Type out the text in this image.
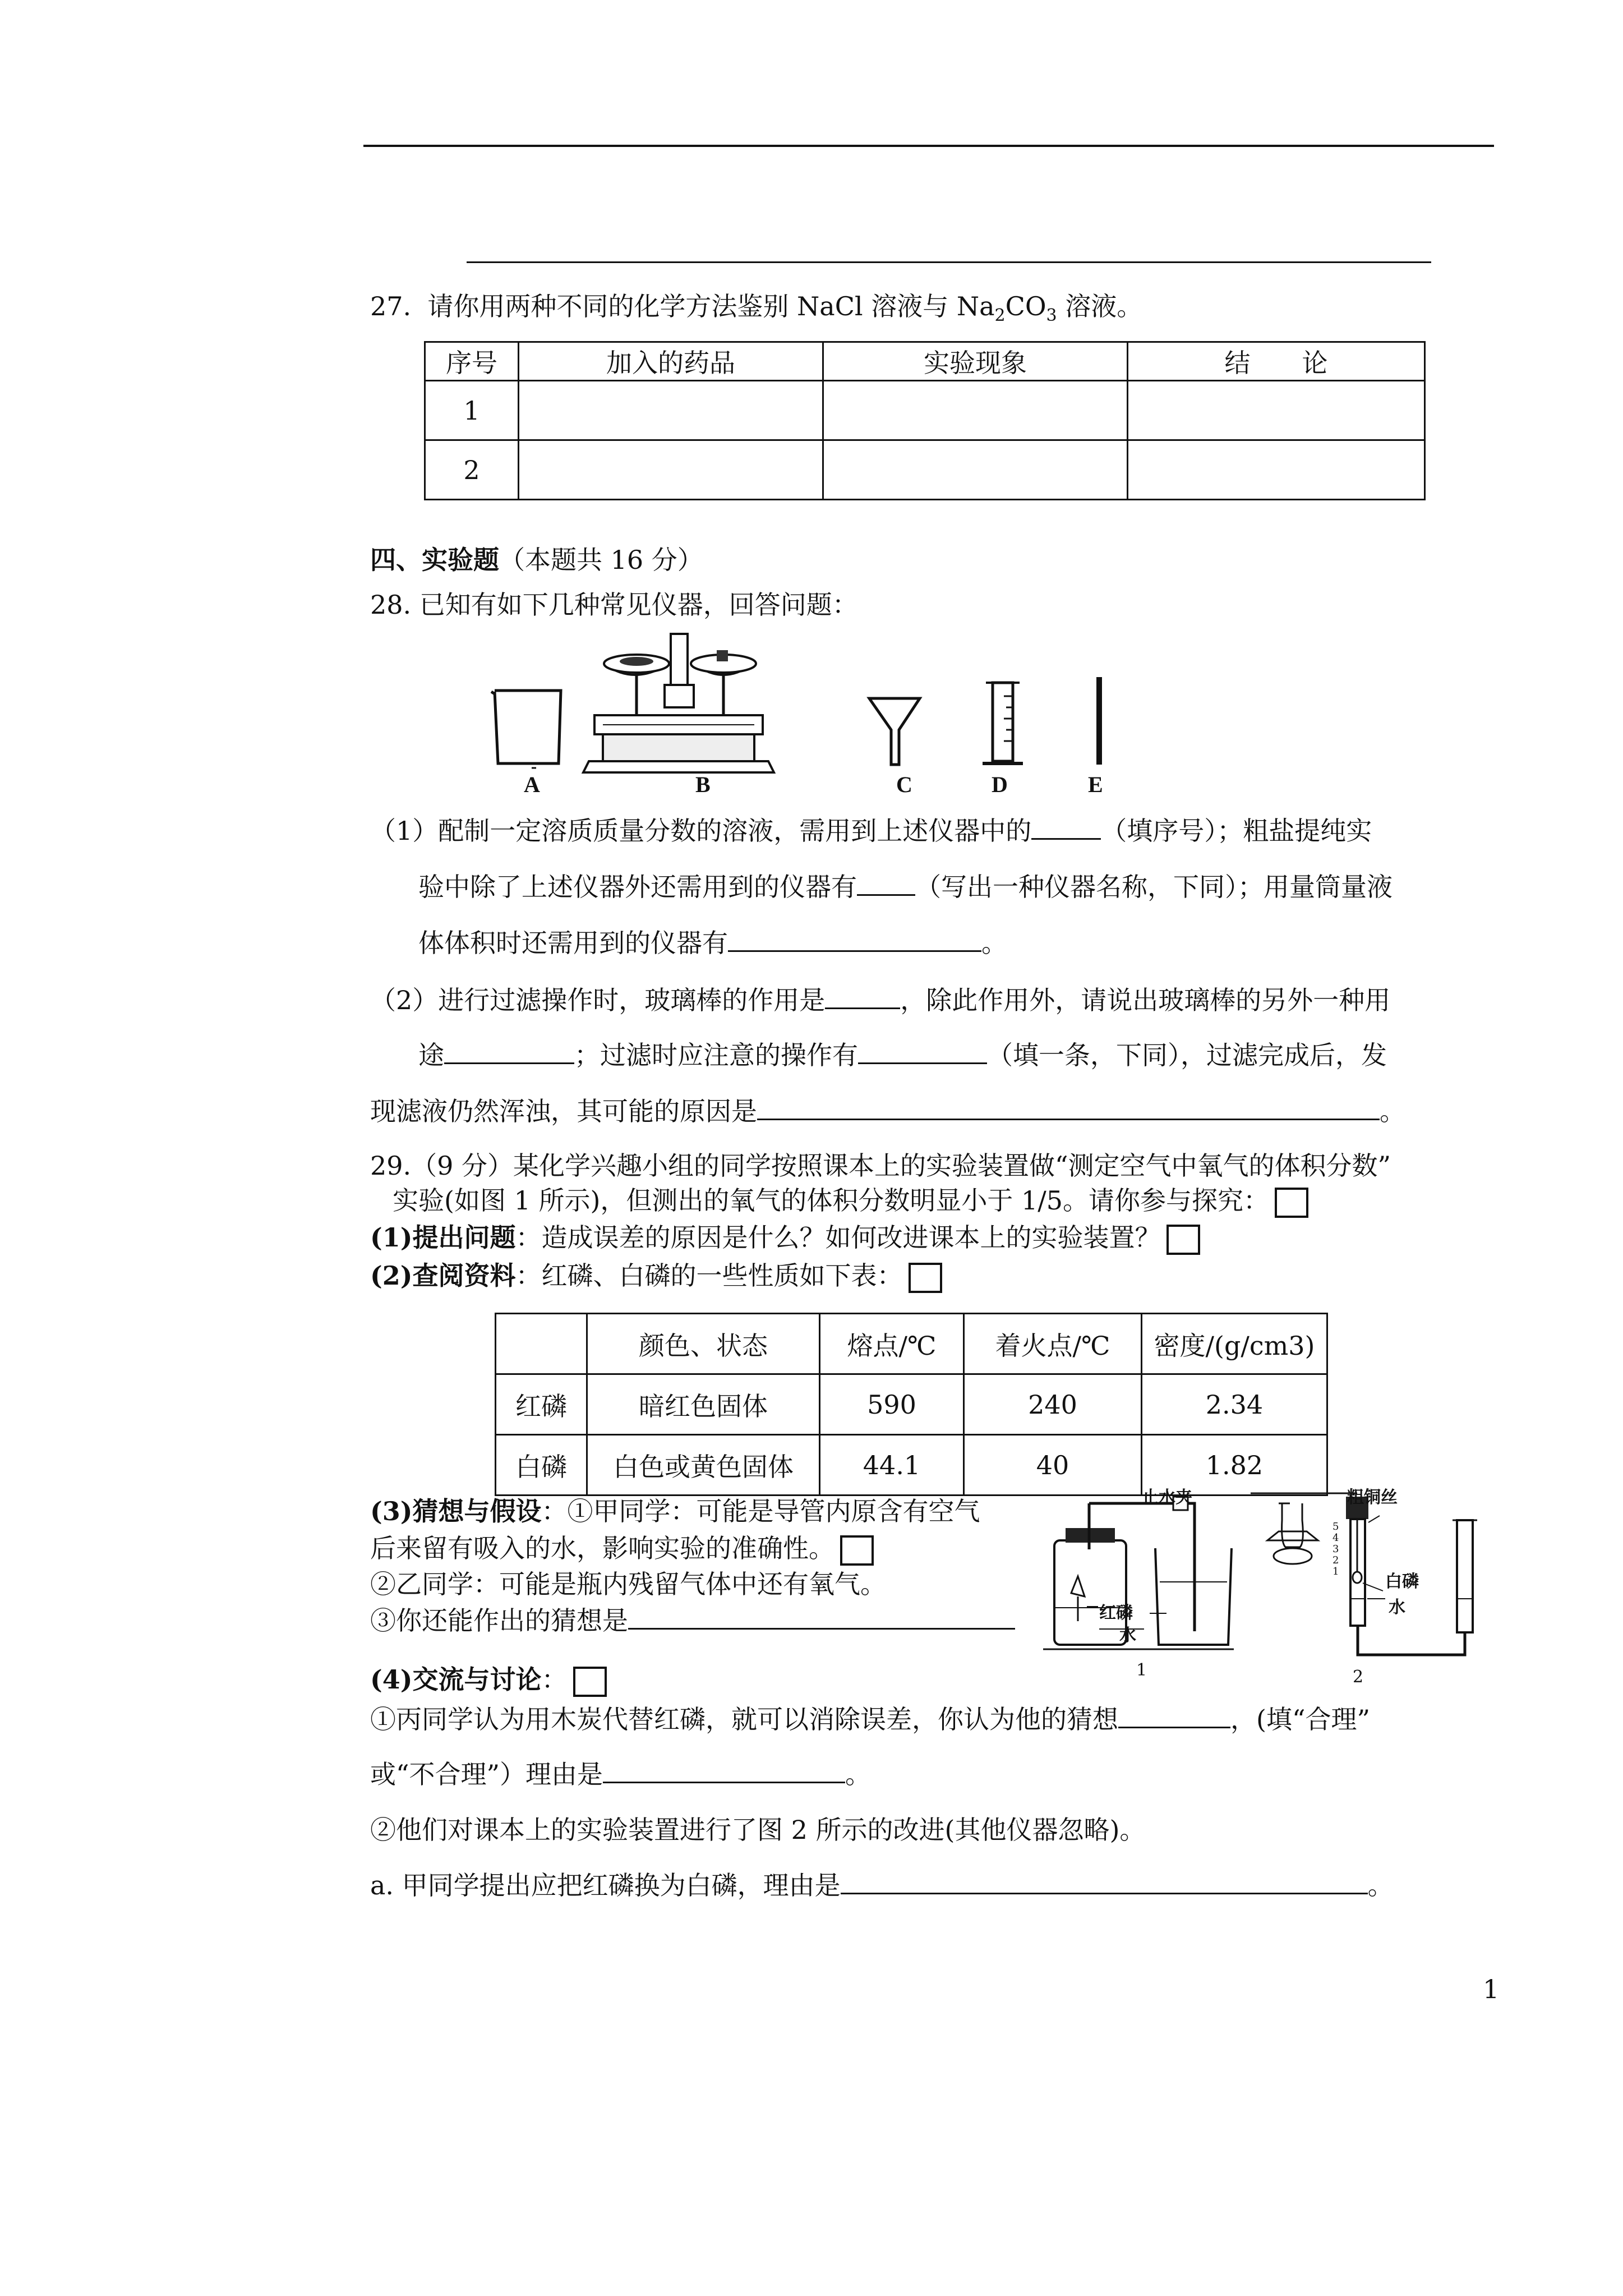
27. 请你用两种不同的化学方法鉴别 NaCl 溶液与 $Na_2CO_3$ 溶液。
序号	加入的药品	实验现象	结　　论
1			
2			
四、实验题（本题共 16 分）
28. 已知有如下几种常见仪器，回答问题：
A	B	C	D	E
（1）配制一定溶质质量分数的溶液，需用到上述仪器中的	（填序号）；粗盐提纯实
验中除了上述仪器外还需用到的仪器有 （写出一种仪器名称，下同）；用量筒量液
体体积时还需用到的仪器有	。
（2）进行过滤操作时，玻璃棒的作用是	，除此作用外，请说出玻璃棒的另外一种用
途	；过滤时应注意的操作有	（填一条，下同），过滤完成后，发
现滤液仍然浑浊，其可能的原因是	。
29.（9 分）某化学兴趣小组的同学按照课本上的实验装置做“测定空气中氧气的体积分数”
实验(如图 1 所示)，但测出的氧气的体积分数明显小于 1/5。请你参与探究：
(1)提出问题：造成误差的原因是什么？如何改进课本上的实验装置？
(2)查阅资料：红磷、白磷的一些性质如下表：
	颜色、状态	熔点/℃	着火点/℃	密度/(g/cm3)
红磷	暗红色固体	590	240	2.34
白磷	白色或黄色固体	44.1	40	1.82
(3)猜想与假设：①甲同学：可能是导管内原含有空气
后来留有吸入的水，影响实验的准确性。
②乙同学：可能是瓶内残留气体中还有氧气。
③你还能作出的猜想是
止水夹
红磷
水
1
粗铜丝
白磷
水
2
5
4
3
2
1
(4)交流与讨论：
①丙同学认为用木炭代替红磷，就可以消除误差，你认为他的猜想	，(填“合理”
或“不合理”）理由是	。
②他们对课本上的实验装置进行了图 2 所示的改进(其他仪器忽略)。
a. 甲同学提出应把红磷换为白磷，理由是	。
1
